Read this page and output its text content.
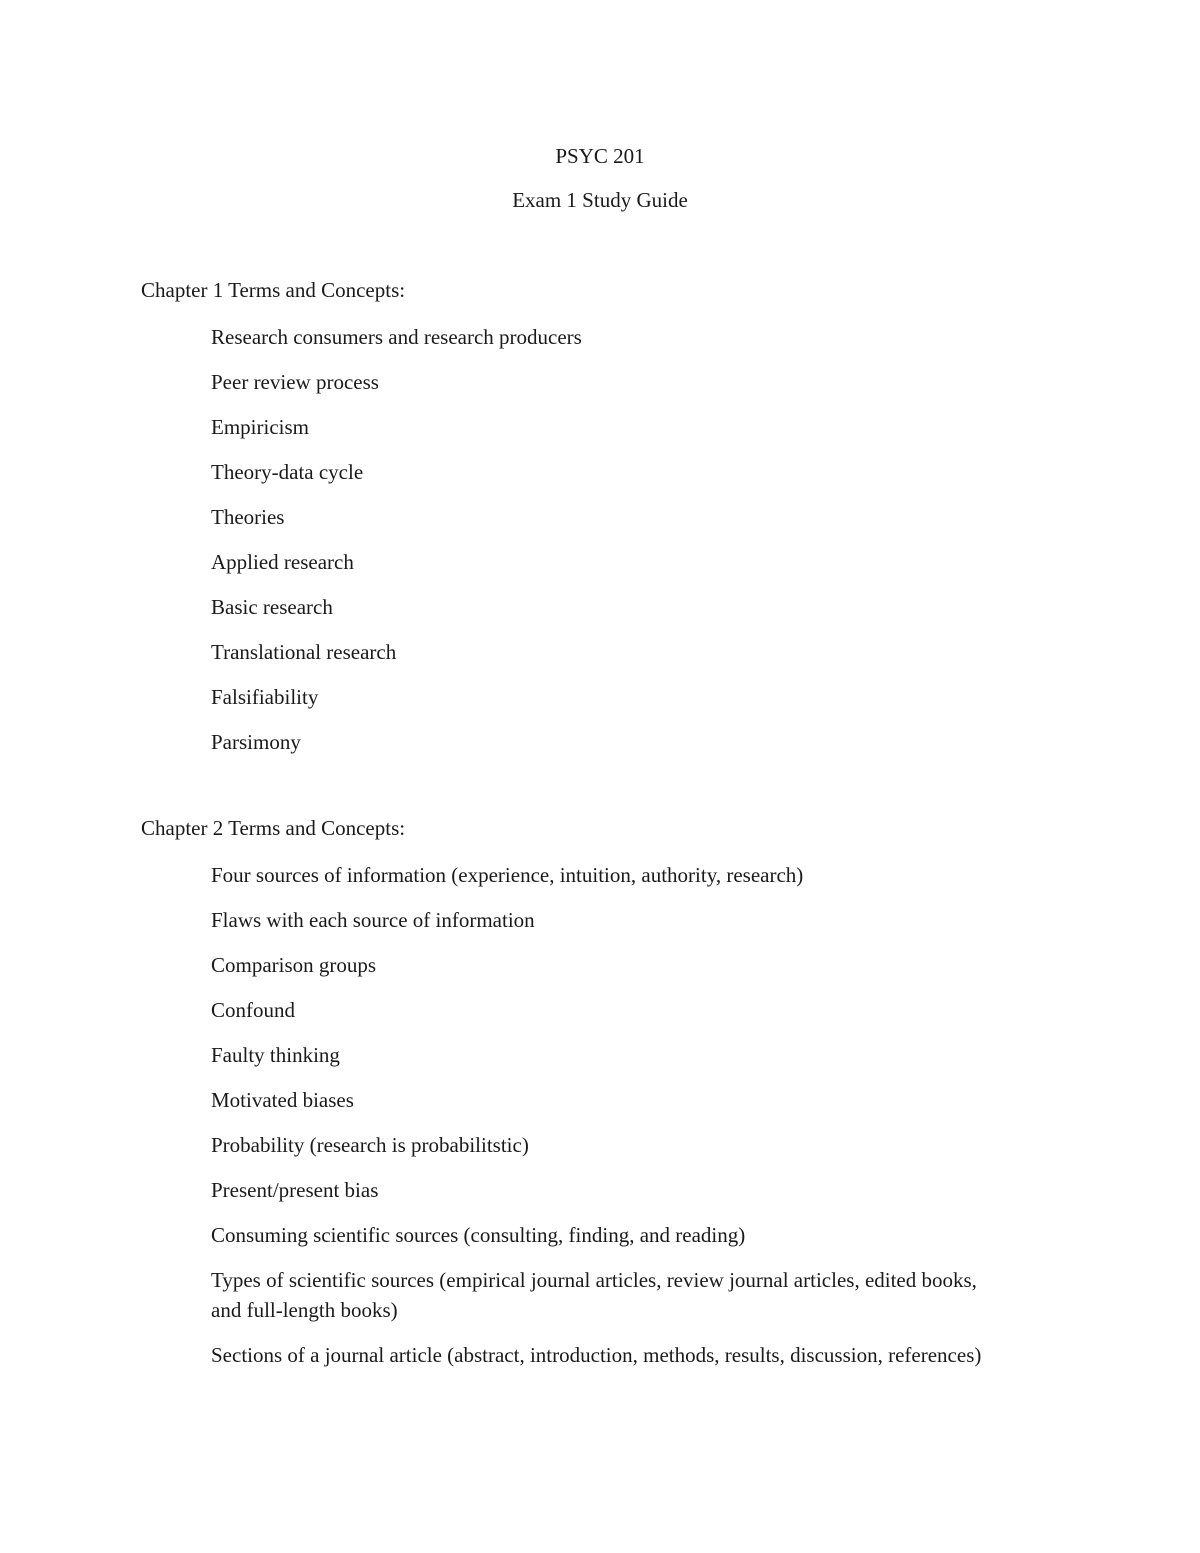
PSYC 201
Exam 1 Study Guide
Chapter 1 Terms and Concepts:
Research consumers and research producers
Peer review process
Empiricism
Theory-data cycle
Theories
Applied research
Basic research
Translational research
Falsifiability
Parsimony
Chapter 2 Terms and Concepts:
Four sources of information (experience, intuition, authority, research)
Flaws with each source of information
Comparison groups
Confound
Faulty thinking
Motivated biases
Probability (research is probabilitstic)
Present/present bias
Consuming scientific sources (consulting, finding, and reading)
Types of scientific sources (empirical journal articles, review journal articles, edited books, and full-length books)
Sections of a journal article (abstract, introduction, methods, results, discussion, references)
